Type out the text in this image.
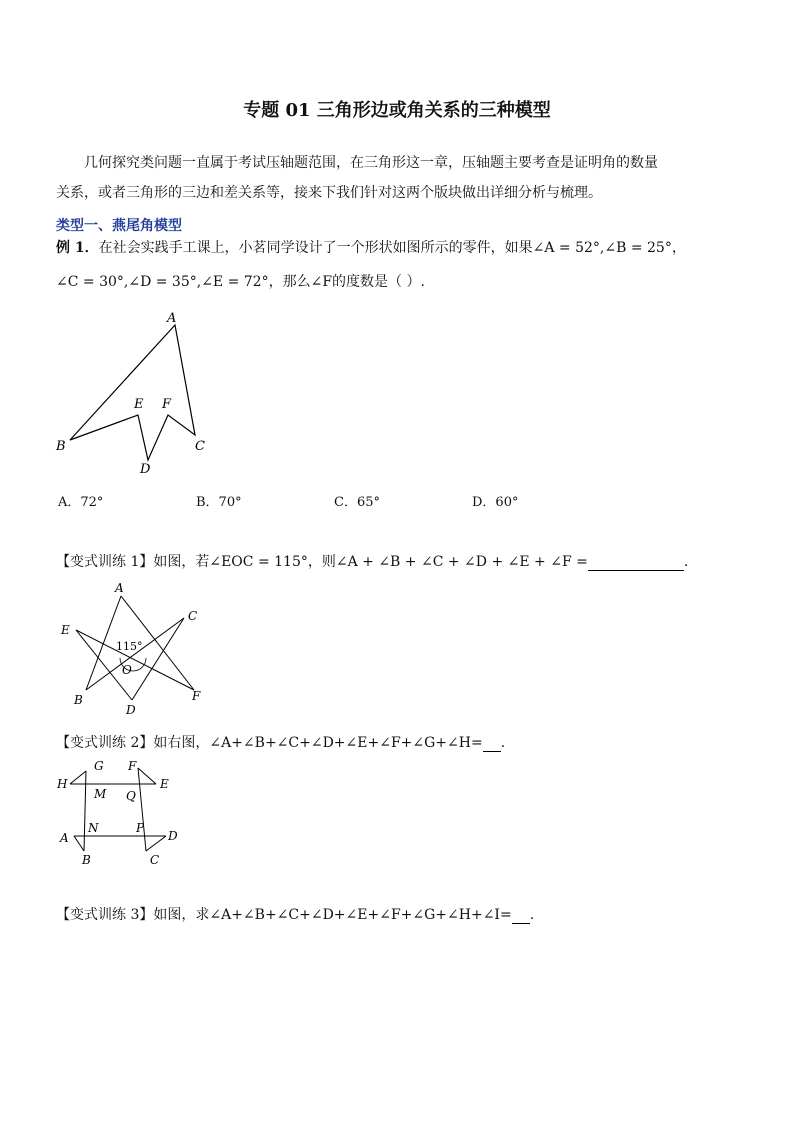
专题 01 三角形边或角关系的三种模型
几何探究类问题一直属于考试压轴题范围，在三角形这一章，压轴题主要考查是证明角的数量
关系，或者三角形的三边和差关系等，接来下我们针对这两个版块做出详细分析与梳理。
类型一、燕尾角模型
例 1．在社会实践手工课上，小茗同学设计了一个形状如图所示的零件，如果∠A = 52°,∠B = 25°，
∠C = 30°,∠D = 35°,∠E = 72°，那么∠F的度数是（ ）.
A
E F
B
D
C
A．72°	B．70°	C．65°	D．60°
【变式训练 1】如图，若∠EOC = 115°，则∠A + ∠B + ∠C + ∠D + ∠E + ∠F =	.
A
E
C
O
B	F
D
115°
【变式训练 2】如右图，∠A+∠B+∠C+∠D+∠E+∠F+∠G+∠H= .
G F
H	E
M Q
N	P
A	D
B	C
【变式训练 3】如图，求∠A+∠B+∠C+∠D+∠E+∠F+∠G+∠H+∠I= .
